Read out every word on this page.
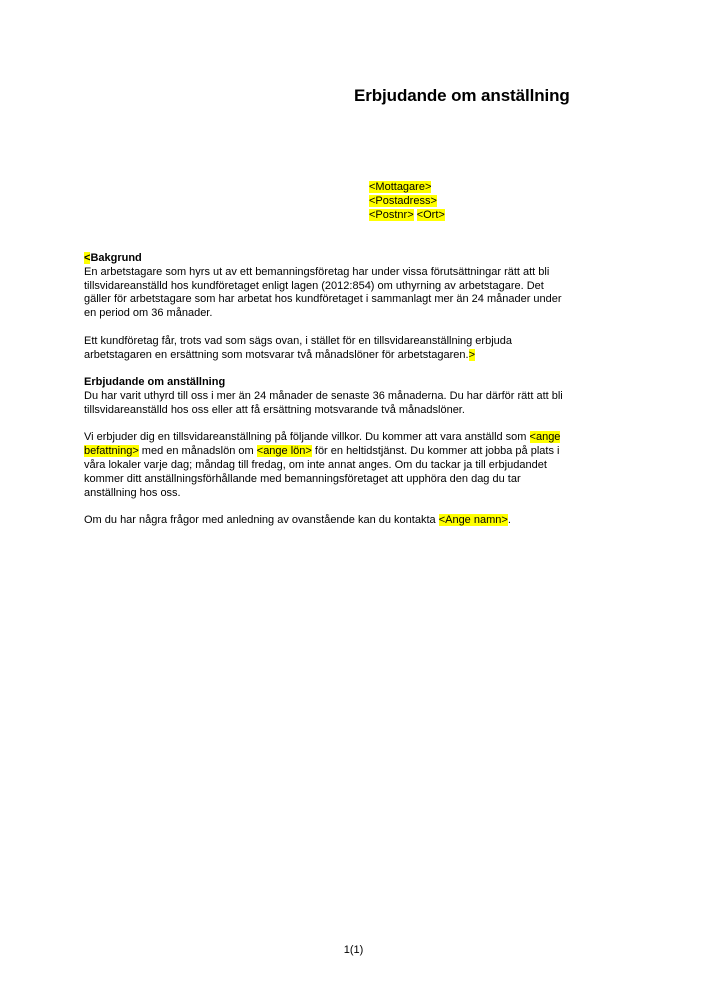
Erbjudande om anställning
<Mottagare>
<Postadress>
<Postnr> <Ort>
<Bakgrund
En arbetstagare som hyrs ut av ett bemanningsföretag har under vissa förutsättningar rätt att bli tillsvidareanställd hos kundföretaget enligt lagen (2012:854) om uthyrning av arbetstagare. Det gäller för arbetstagare som har arbetat hos kundföretaget i sammanlagt mer än 24 månader under en period om 36 månader.
Ett kundföretag får, trots vad som sägs ovan, i stället för en tillsvidareanställning erbjuda arbetstagaren en ersättning som motsvarar två månadslöner för arbetstagaren.>
Erbjudande om anställning
Du har varit uthyrd till oss i mer än 24 månader de senaste 36 månaderna. Du har därför rätt att bli tillsvidareanställd hos oss eller att få ersättning motsvarande två månadslöner.
Vi erbjuder dig en tillsvidareanställning på följande villkor. Du kommer att vara anställd som <ange befattning> med en månadslön om <ange lön> för en heltidstjänst. Du kommer att jobba på plats i våra lokaler varje dag; måndag till fredag, om inte annat anges. Om du tackar ja till erbjudandet kommer ditt anställningsförhållande med bemanningsföretaget att upphöra den dag du tar anställning hos oss.
Om du har några frågor med anledning av ovanstående kan du kontakta <Ange namn>.
1(1)
